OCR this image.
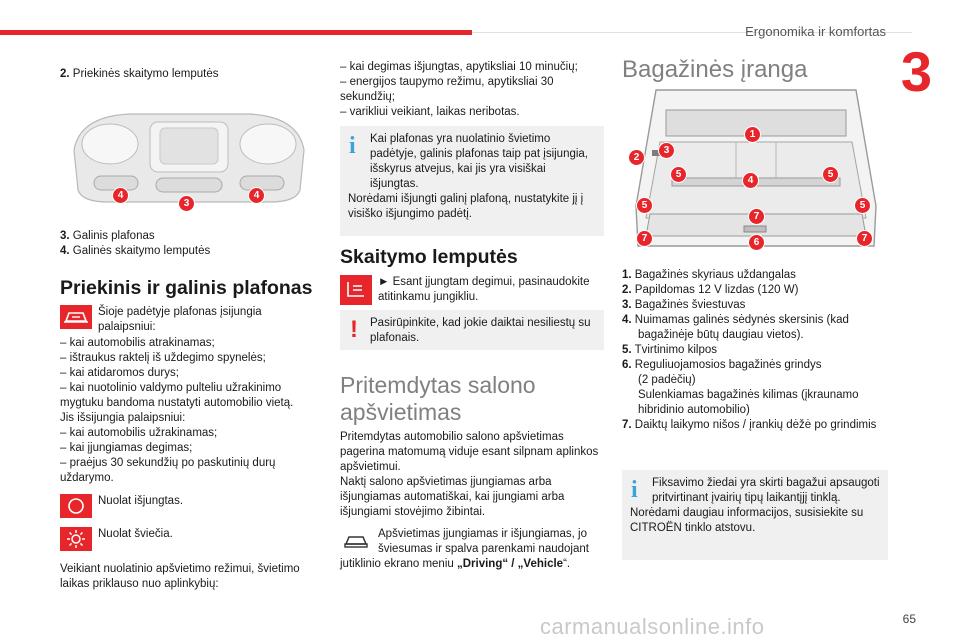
Ergonomika ir komfortas
3
65
carmanualsonline.info
2. Priekinės skaitymo lemputės
4
3
4
3. Galinis plafonas
4. Galinės skaitymo lemputės
Priekinis ir galinis plafonas
Šioje padėtyje plafonas įsijungia palaipsniui:
– kai automobilis atrakinamas;
– ištraukus raktelį iš uždegimo spynelės;
– kai atidaromos durys;
– kai nuotolinio valdymo pulteliu užrakinimo mygtuku bandoma nustatyti automobilio vietą.
Jis išsijungia palaipsniui:
– kai automobilis užrakinamas;
– kai įjungiamas degimas;
– praėjus 30 sekundžių po paskutinių durų uždarymo.
Nuolat išjungtas.
Nuolat šviečia.
Veikiant nuolatinio apšvietimo režimui, švietimo laikas priklauso nuo aplinkybių:
– kai degimas išjungtas, apytiksliai 10 minučių;
– energijos taupymo režimu, apytiksliai 30 sekundžių;
– varikliui veikiant, laikas neribotas.
i	Kai plafonas yra nuolatinio švietimo padėtyje, galinis plafonas taip pat įsijungia, išskyrus atvejus, kai jis yra visiškai išjungtas.
Norėdami išjungti galinį plafoną, nustatykite jį į visiško išjungimo padėtį.
Skaitymo lemputės
► Esant įjungtam degimui, pasinaudokite atitinkamu jungikliu.
!	Pasirūpinkite, kad jokie daiktai nesiliestų su plafonais.
Pritemdytas salono apšvietimas
Pritemdytas automobilio salono apšvietimas pagerina matomumą viduje esant silpnam aplinkos apšvietimui.
Naktį salono apšvietimas įjungiamas arba išjungiamas automatiškai, kai įjungiami arba išjungiami stovėjimo žibintai.
Apšvietimas įjungiamas ir išjungiamas, jo šviesumas ir spalva parenkami naudojant jutiklinio ekrano meniu „Driving“ / „Vehicle“.
Bagažinės įranga
1
2
3
5
4
5
5	5
7
6
7	7
1. Bagažinės skyriaus uždangalas
2. Papildomas 12 V lizdas (120 W)
3. Bagažinės šviestuvas
4. Nuimamas galinės sėdynės skersinis (kad bagažinėje būtų daugiau vietos).
5. Tvirtinimo kilpos
6. Reguliuojamosios bagažinės grindys
(2 padėčių)
Sulenkiamas bagažinės kilimas (įkraunamo hibridinio automobilio)
7. Daiktų laikymo nišos / įrankių dėžė po grindimis
i	Fiksavimo žiedai yra skirti bagažui apsaugoti pritvirtinant įvairių tipų laikantįjį tinklą.
Norėdami daugiau informacijos, susisiekite su CITROËN tinklo atstovu.
